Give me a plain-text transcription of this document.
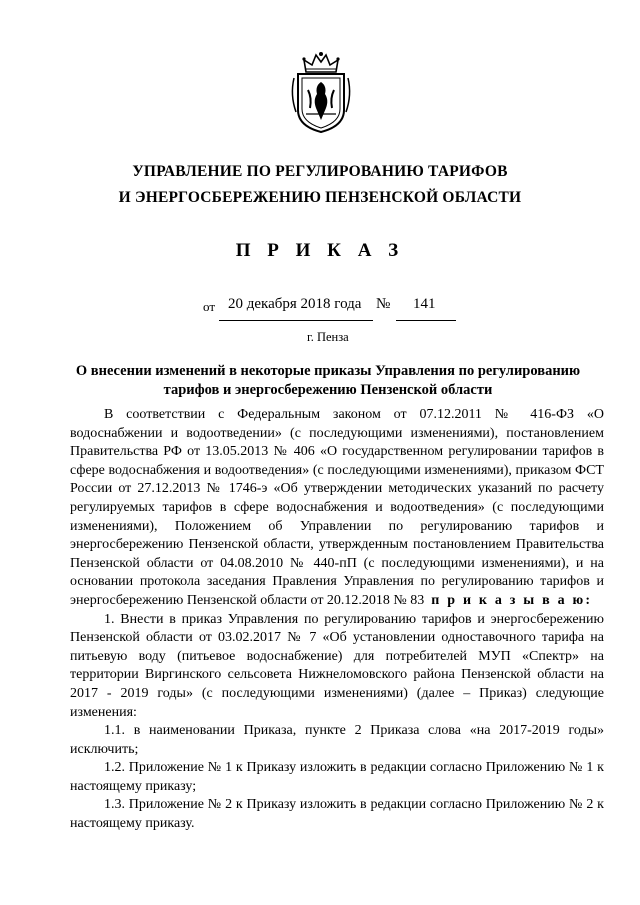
УПРАВЛЕНИЕ ПО РЕГУЛИРОВАНИЮ ТАРИФОВ
И ЭНЕРГОСБЕРЕЖЕНИЮ ПЕНЗЕНСКОЙ ОБЛАСТИ
П Р И К А З
от 20 декабря 2018 года № 141
г. Пенза
О внесении изменений в некоторые приказы Управления по регулированию тарифов и энергосбережению Пензенской области

В соответствии с Федеральным законом от 07.12.2011 № 416-ФЗ «О водоснабжении и водоотведении» (с последующими изменениями), постановлением Правительства РФ от 13.05.2013 № 406 «О государственном регулировании тарифов в сфере водоснабжения и водоотведения» (с последующими изменениями), приказом ФСТ России от 27.12.2013 № 1746-э «Об утверждении методических указаний по расчету регулируемых тарифов в сфере водоснабжения и водоотведения» (с последующими изменениями), Положением об Управлении по регулированию тарифов и энергосбережению Пензенской области, утвержденным постановлением Правительства Пензенской области от 04.08.2010 № 440-пП (с последующими изменениями), и на основании протокола заседания Правления Управления по регулированию тарифов и энергосбережению Пензенской области от 20.12.2018 № 83 п р и к а з ы в а ю:

1. Внести в приказ Управления по регулированию тарифов и энергосбережению Пензенской области от 03.02.2017 № 7 «Об установлении одноставочного тарифа на питьевую воду (питьевое водоснабжение) для потребителей МУП «Спектр» на территории Виргинского сельсовета Нижнеломовского района Пензенской области на 2017 - 2019 годы» (с последующими изменениями) (далее – Приказ) следующие изменения:

1.1. в наименовании Приказа, пункте 2 Приказа слова «на 2017-2019 годы» исключить;

1.2. Приложение № 1 к Приказу изложить в редакции согласно Приложению № 1 к настоящему приказу;

1.3. Приложение № 2 к Приказу изложить в редакции согласно Приложению № 2 к настоящему приказу.
